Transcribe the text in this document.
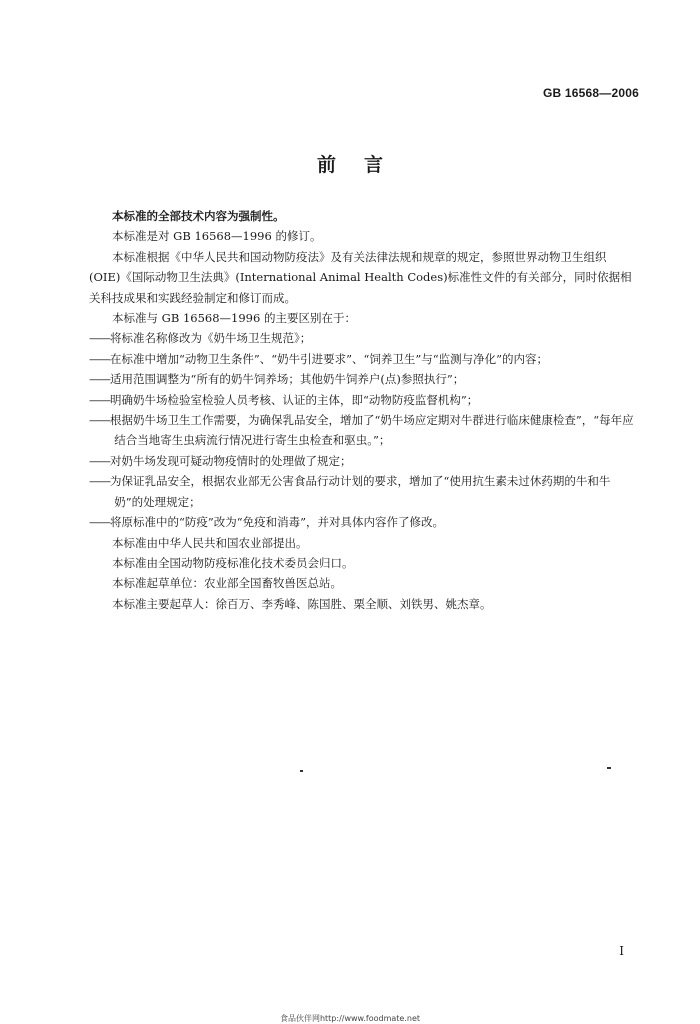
GB 16568—2006
前言

本标准的全部技术内容为强制性。

本标准是对 GB 16568—1996 的修订。

本标准根据《中华人民共和国动物防疫法》及有关法律法规和规章的规定，参照世界动物卫生组织(OIE)《国际动物卫生法典》(International Animal Health Codes)标准性文件的有关部分，同时依据相关科技成果和实践经验制定和修订而成。

本标准与 GB 16568—1996 的主要区别在于：

——将标准名称修改为《奶牛场卫生规范》；

——在标准中增加“动物卫生条件”、“奶牛引进要求”、“饲养卫生”与“监测与净化”的内容；

——适用范围调整为“所有的奶牛饲养场；其他奶牛饲养户(点)参照执行”；

——明确奶牛场检验室检验人员考核、认证的主体，即“动物防疫监督机构”；

——根据奶牛场卫生工作需要，为确保乳品安全，增加了“奶牛场应定期对牛群进行临床健康检查”，“每年应结合当地寄生虫病流行情况进行寄生虫检查和驱虫。”；

——对奶牛场发现可疑动物疫情时的处理做了规定；

——为保证乳品安全，根据农业部无公害食品行动计划的要求，增加了“使用抗生素未过休药期的牛和牛奶”的处理规定；

——将原标准中的“防疫”改为“免疫和消毒”，并对具体内容作了修改。

本标准由中华人民共和国农业部提出。

本标准由全国动物防疫标准化技术委员会归口。

本标准起草单位：农业部全国畜牧兽医总站。

本标准主要起草人：徐百万、李秀峰、陈国胜、栗全顺、刘铁男、姚杰章。

I
食品伙伴网http://www.foodmate.net
